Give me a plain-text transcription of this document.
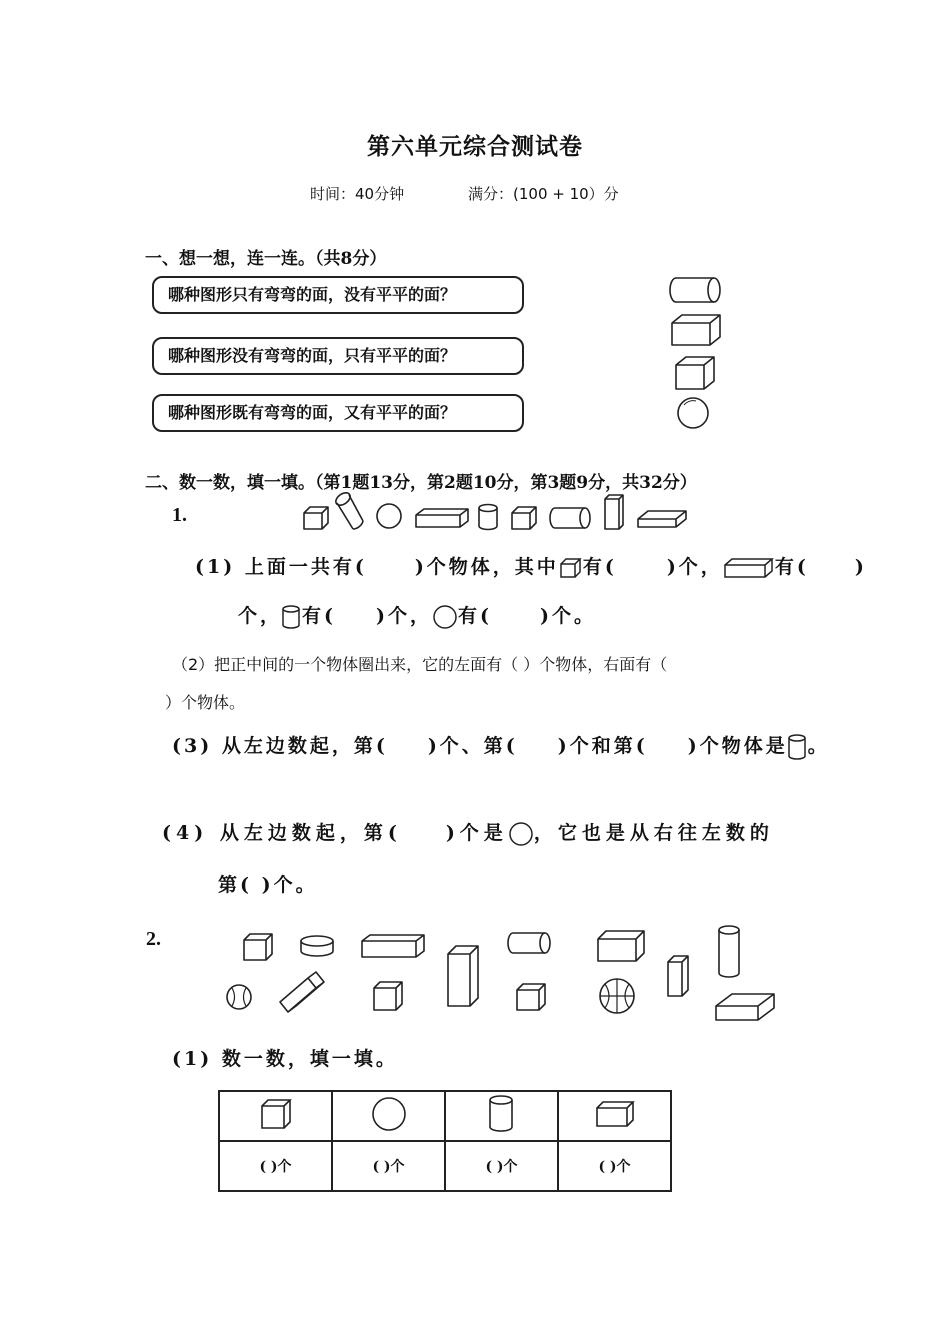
第六单元综合测试卷
时间：40分钟	满分：(100 + 10）分
一、想一想，连一连。（共8分）
哪种图形只有弯弯的面，没有平平的面？
哪种图形没有弯弯的面，只有平平的面？
哪种图形既有弯弯的面，又有平平的面？
二、数一数，填一填。（第1题13分，第2题10分，第3题9分，共32分）
1.
(1) 上面一共有(	)个物体，其中 有(	)个，	有( )
个， 有( )个， 有(	)个。
（2）把正中间的一个物体圈出来，它的左面有（ ）个物体，右面有（
）个物体。
(3) 从左边数起，第( )个、第( )个和第( )个物体是 。
(4) 从左边数起，第( )个是 ，它也是从右往左数的
第( )个。
2.
(1) 数一数，填一填。

( )个	( )个	( )个	( )个
